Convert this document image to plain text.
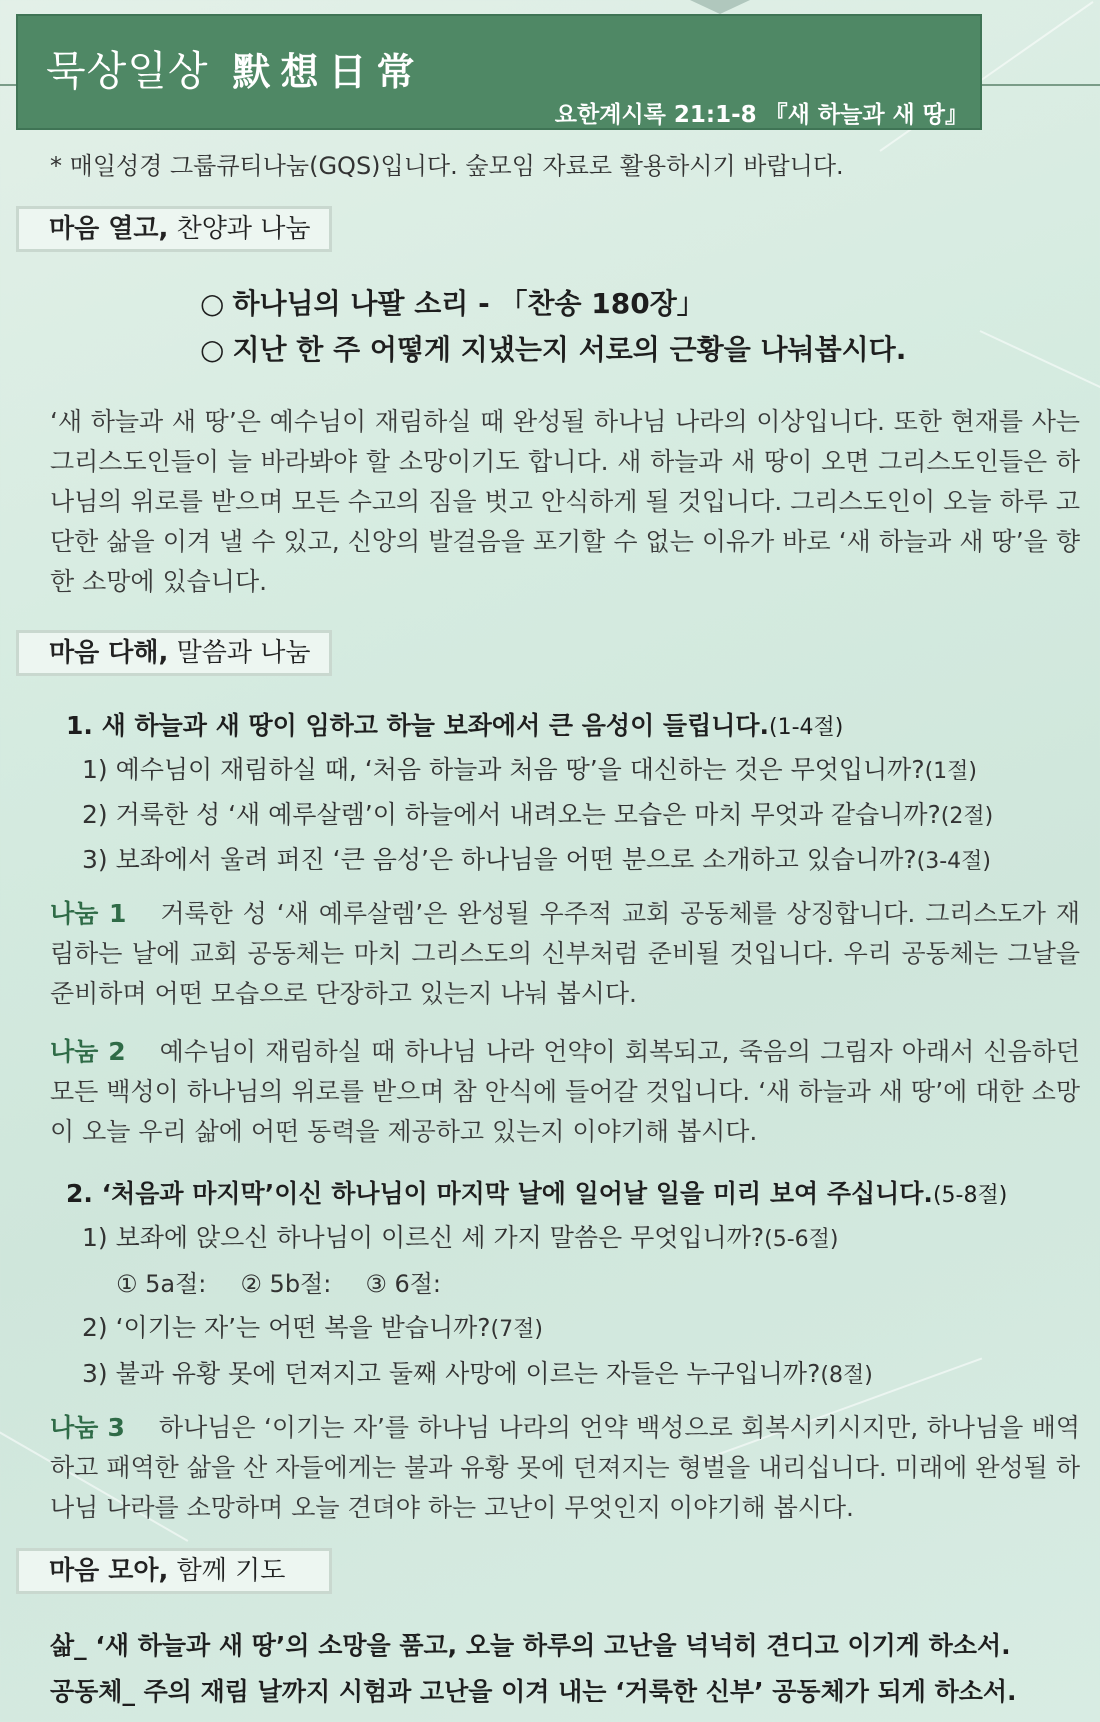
묵상일상 默想日常
요한계시록 21:1-8 『새 하늘과 새 땅』
* 매일성경 그룹큐티나눔(GQS)입니다. 숲모임 자료로 활용하시기 바랍니다.
마음 열고, 찬양과 나눔
○ 하나님의 나팔 소리 - 「찬송 180장」
○ 지난 한 주 어떻게 지냈는지 서로의 근황을 나눠봅시다.
‘새 하늘과 새 땅’은 예수님이 재림하실 때 완성될 하나님 나라의 이상입니다. 또한 현재를 사는 그리스도인들이 늘 바라봐야 할 소망이기도 합니다. 새 하늘과 새 땅이 오면 그리스도인들은 하나님의 위로를 받으며 모든 수고의 짐을 벗고 안식하게 될 것입니다. 그리스도인이 오늘 하루 고단한 삶을 이겨 낼 수 있고, 신앙의 발걸음을 포기할 수 없는 이유가 바로 ‘새 하늘과 새 땅’을 향한 소망에 있습니다.
마음 다해, 말씀과 나눔
1. 새 하늘과 새 땅이 임하고 하늘 보좌에서 큰 음성이 들립니다.(1-4절)
1) 예수님이 재림하실 때, ‘처음 하늘과 처음 땅’을 대신하는 것은 무엇입니까?(1절)
2) 거룩한 성 ‘새 예루살렘’이 하늘에서 내려오는 모습은 마치 무엇과 같습니까?(2절)
3) 보좌에서 울려 퍼진 ‘큰 음성’은 하나님을 어떤 분으로 소개하고 있습니까?(3-4절)
나눔 1 거룩한 성 ‘새 예루살렘’은 완성될 우주적 교회 공동체를 상징합니다. 그리스도가 재림하는 날에 교회 공동체는 마치 그리스도의 신부처럼 준비될 것입니다. 우리 공동체는 그날을 준비하며 어떤 모습으로 단장하고 있는지 나눠 봅시다.
나눔 2 예수님이 재림하실 때 하나님 나라 언약이 회복되고, 죽음의 그림자 아래서 신음하던 모든 백성이 하나님의 위로를 받으며 참 안식에 들어갈 것입니다. ‘새 하늘과 새 땅’에 대한 소망이 오늘 우리 삶에 어떤 동력을 제공하고 있는지 이야기해 봅시다.
2. ‘처음과 마지막’이신 하나님이 마지막 날에 일어날 일을 미리 보여 주십니다.(5-8절)
1) 보좌에 앉으신 하나님이 이르신 세 가지 말씀은 무엇입니까?(5-6절)
① 5a절: ② 5b절: ③ 6절:
2) ‘이기는 자’는 어떤 복을 받습니까?(7절)
3) 불과 유황 못에 던져지고 둘째 사망에 이르는 자들은 누구입니까?(8절)
나눔 3 하나님은 ‘이기는 자’를 하나님 나라의 언약 백성으로 회복시키시지만, 하나님을 배역하고 패역한 삶을 산 자들에게는 불과 유황 못에 던져지는 형벌을 내리십니다. 미래에 완성될 하나님 나라를 소망하며 오늘 견뎌야 하는 고난이 무엇인지 이야기해 봅시다.
마음 모아, 함께 기도
삶_ ‘새 하늘과 새 땅’의 소망을 품고, 오늘 하루의 고난을 넉넉히 견디고 이기게 하소서.
공동체_ 주의 재림 날까지 시험과 고난을 이겨 내는 ‘거룩한 신부’ 공동체가 되게 하소서.
